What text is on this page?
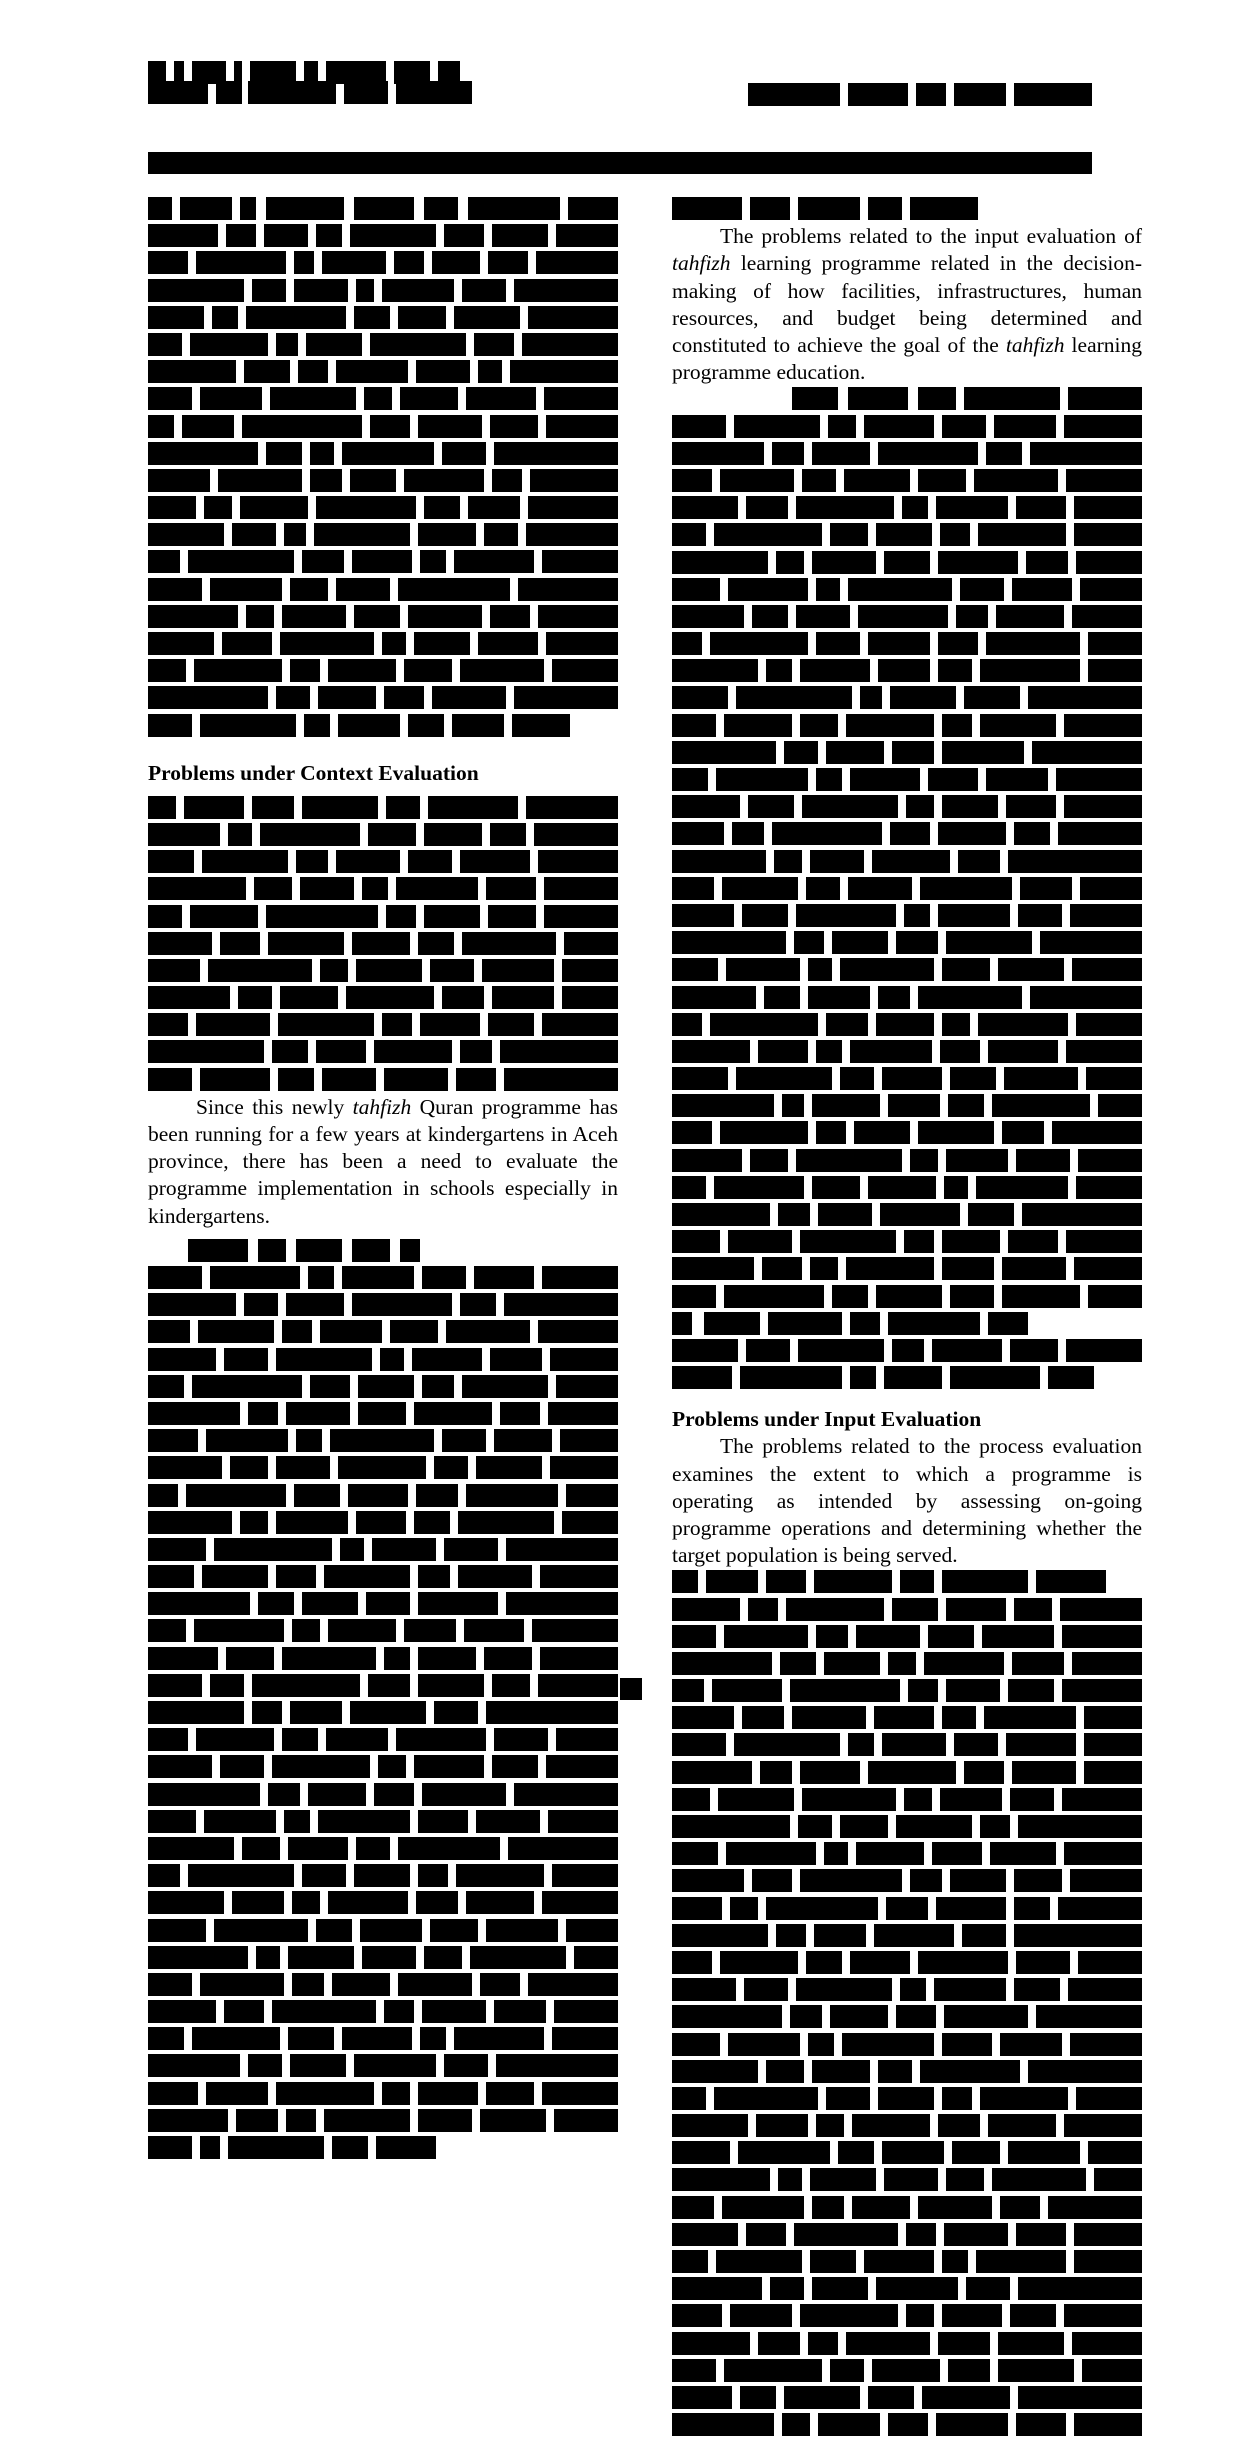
Problems under Context Evaluation

Since this newly tahfizh Quran programme has been running for a few years at kindergartens in Aceh province, there has been a need to evaluate the programme implementation in schools especially in kindergartens.

The problems related to the input evaluation of tahfizh learning programme related in the decision-making of how facilities, infrastructures, human resources, and budget being determined and constituted to achieve the goal of the tahfizh learning programme education.

Problems under Input Evaluation

The problems related to the process evaluation examines the extent to which a programme is operating as intended by assessing on-going programme operations and determining whether the target population is being served.
